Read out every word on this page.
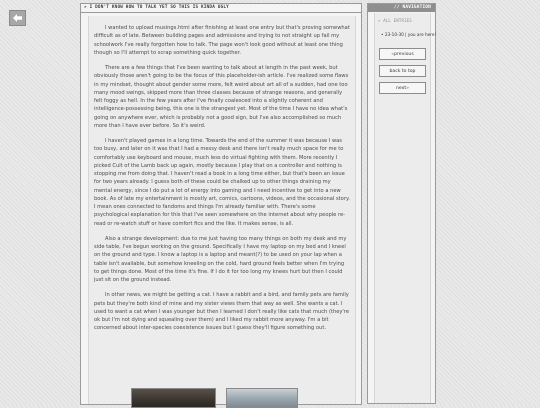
» I DON'T KNOW HOW TO TALK YET SO THIS IS KINDA UGLY

I wanted to upload musings.html after finishing at least one entry but that's proving somewhat difficult as of late. Between building pages and admissions and trying to not straight up fail my schoolwork I've really forgotten how to talk. The page won't look good without at least one thing though so I'll attempt to scrap something quick together.

There are a few things that I've been wanting to talk about at length in the past week, but obviously those aren't going to be the focus of this placeholder-ish article. I've realized some flaws in my mindset, thought about gender some more, felt weird about art all of a sudden, had one too many mood swings, skipped more than three classes because of strange reasons, and generally felt foggy as hell. In the few years after I've finally coalesced into a slightly coherent and intelligence-possessing being, this one is the strangest yet. Most of the time I have no idea what's going on anywhere ever, which is probably not a good sign, but I've also accomplished so much more than I have ever before. So it's weird.

I haven't played games in a long time. Towards the end of the summer it was because I was too busy, and later on it was that I had a messy desk and there isn't really much space for me to comfortably use keyboard and mouse, much less do virtual fighting with them. More recently I picked Cult of the Lamb back up again, mostly because I play that on a controller and nothing is stopping me from doing that. I haven't read a book in a long time either, but that's been an issue for two years already. I guess both of these could be chalked up to other things draining my mental energy, since I do put a lot of energy into gaming and I need incentive to get into a new book. As of late my entertainment is mostly art, comics, cartoons, videos, and the occasional story. I mean ones connected to fandoms and things I'm already familiar with. There's some psychological explanation for this that I've seen somewhere on the internet about why people re-read or re-watch stuff or have comfort fics and the like. It makes sense, is all.

Also a strange development: due to me just having too many things on both my desk and my side table, I've begun working on the ground. Specifically I have my laptop on my bed and I kneel on the ground and type. I know a laptop is a laptop and meant(?) to be used on your lap when a table isn't available, but somehow kneeling on the cold, hard ground feels better when I'm trying to get things done. Most of the time it's fine. If I do it for too long my knees hurt but then I could just sit on the ground instead.

In other news, we might be getting a cat. I have a rabbit and a bird, and family pets are family pets but they're both kind of mine and my sister views them that way as well. She wants a cat. I used to want a cat when I was younger but then I learned I don't really like cats that much (they're ok but I'm not dying and squealing over them) and I liked my rabbit more anyway. I'm a bit concerned about inter-species coexistence issues but I guess they'll figure something out.

// NAVIGATION
» ALL ENTRIES
• 23-10-30 | you are here!
«previous
back to top
next»
